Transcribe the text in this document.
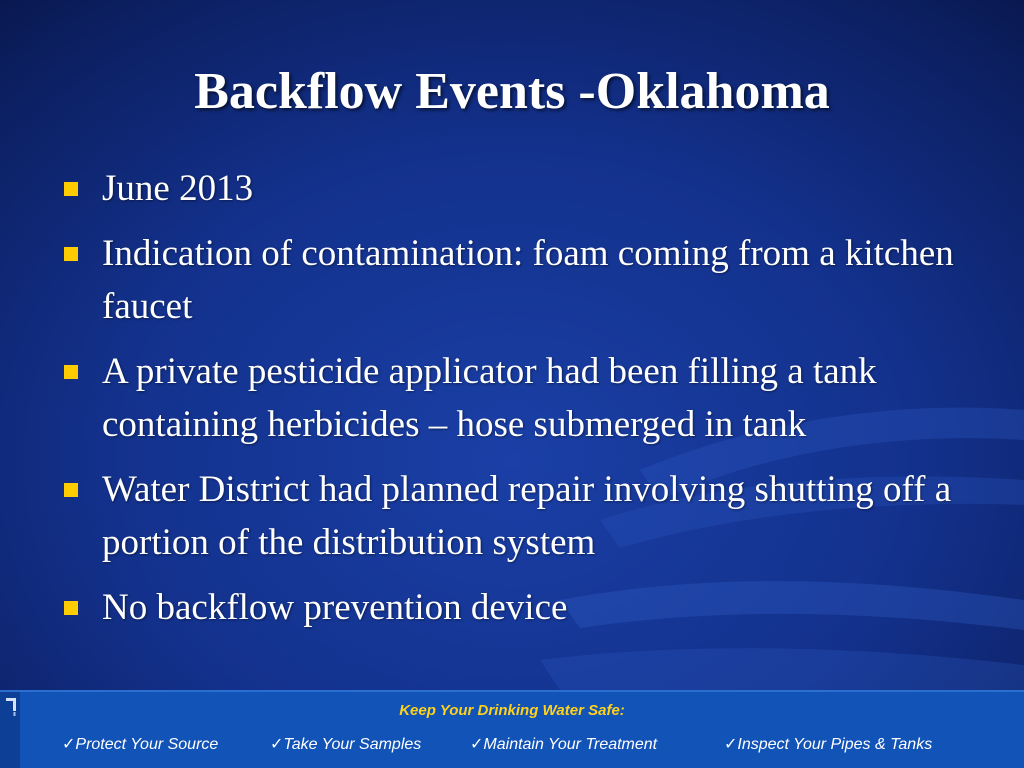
Backflow Events -Oklahoma
June 2013
Indication of contamination: foam coming from a kitchen faucet
A private pesticide applicator had been filling a tank containing herbicides – hose submerged in tank
Water District had planned repair involving shutting off a portion of the distribution system
No backflow prevention device
Keep Your Drinking Water Safe:
✓Protect Your Source	✓Take Your Samples	✓Maintain Your Treatment	✓Inspect Your Pipes & Tanks
